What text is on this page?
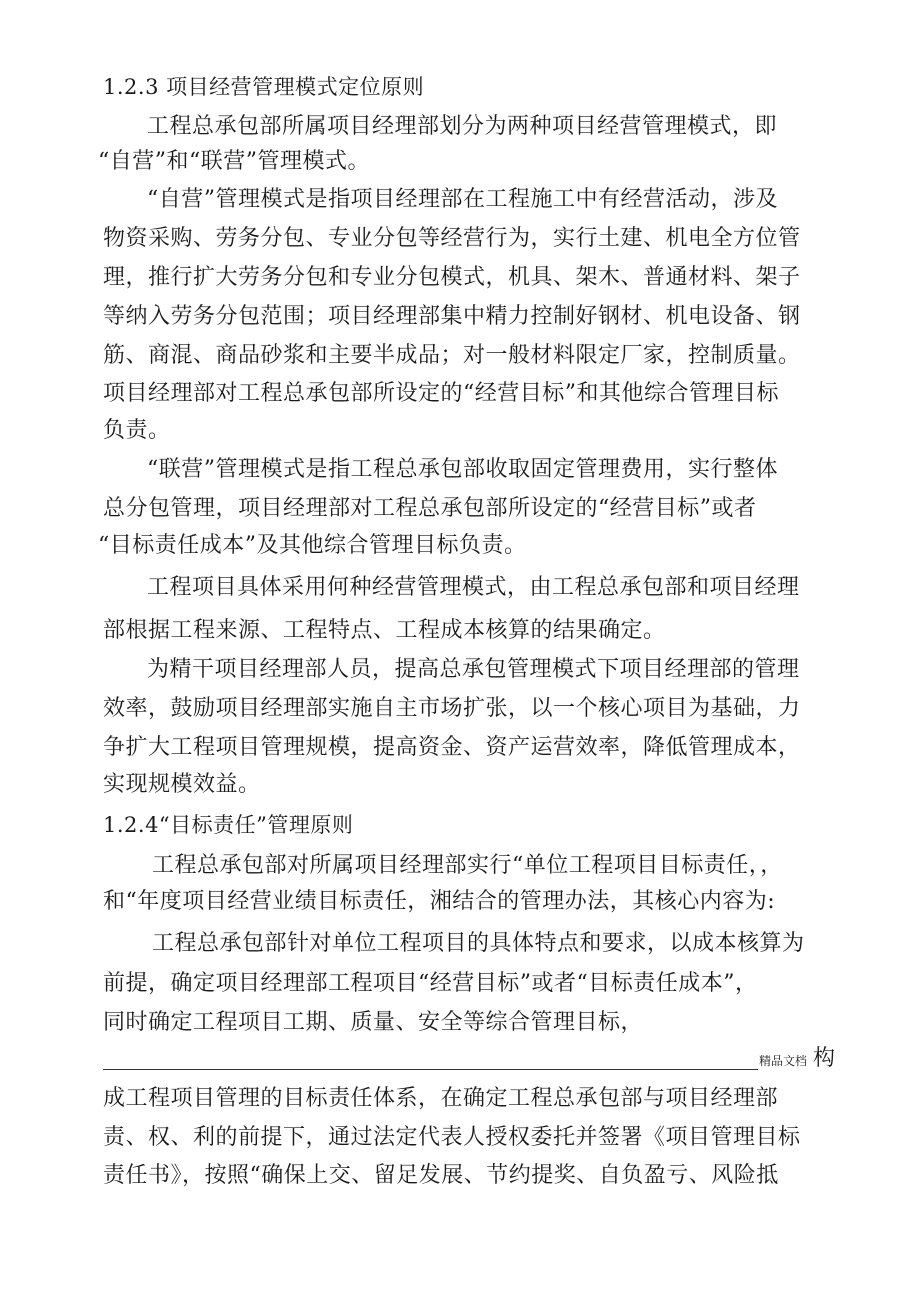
1.2.3 项目经营管理模式定位原则
工程总承包部所属项目经理部划分为两种项目经营管理模式，即
“自营”和“联营”管理模式。
“自营”管理模式是指项目经理部在工程施工中有经营活动，涉及
物资采购、劳务分包、专业分包等经营行为，实行土建、机电全方位管
理，推行扩大劳务分包和专业分包模式，机具、架木、普通材料、架子
等纳入劳务分包范围；项目经理部集中精力控制好钢材、机电设备、钢
筋、商混、商品砂浆和主要半成品；对一般材料限定厂家，控制质量。
项目经理部对工程总承包部所设定的“经营目标”和其他综合管理目标
负责。
“联营”管理模式是指工程总承包部收取固定管理费用，实行整体
总分包管理，项目经理部对工程总承包部所设定的“经营目标”或者
“目标责任成本”及其他综合管理目标负责。
工程项目具体采用何种经营管理模式，由工程总承包部和项目经理
部根据工程来源、工程特点、工程成本核算的结果确定。
为精干项目经理部人员，提高总承包管理模式下项目经理部的管理
效率，鼓励项目经理部实施自主市场扩张，以一个核心项目为基础，力
争扩大工程项目管理规模，提高资金、资产运营效率，降低管理成本，
实现规模效益。
1.2.4“目标责任”管理原则
工程总承包部对所属项目经理部实行“单位工程项目目标责任，，
和“年度项目经营业绩目标责任，湘结合的管理办法，其核心内容为:
工程总承包部针对单位工程项目的具体特点和要求，以成本核算为
前提，确定项目经理部工程项目“经营目标”或者“目标责任成本”，
同时确定工程项目工期、质量、安全等综合管理目标，
精品文档 构
成工程项目管理的目标责任体系，在确定工程总承包部与项目经理部
责、权、利的前提下，通过法定代表人授权委托并签署《项目管理目标
责任书》，按照“确保上交、留足发展、节约提奖、自负盈亏、风险抵
